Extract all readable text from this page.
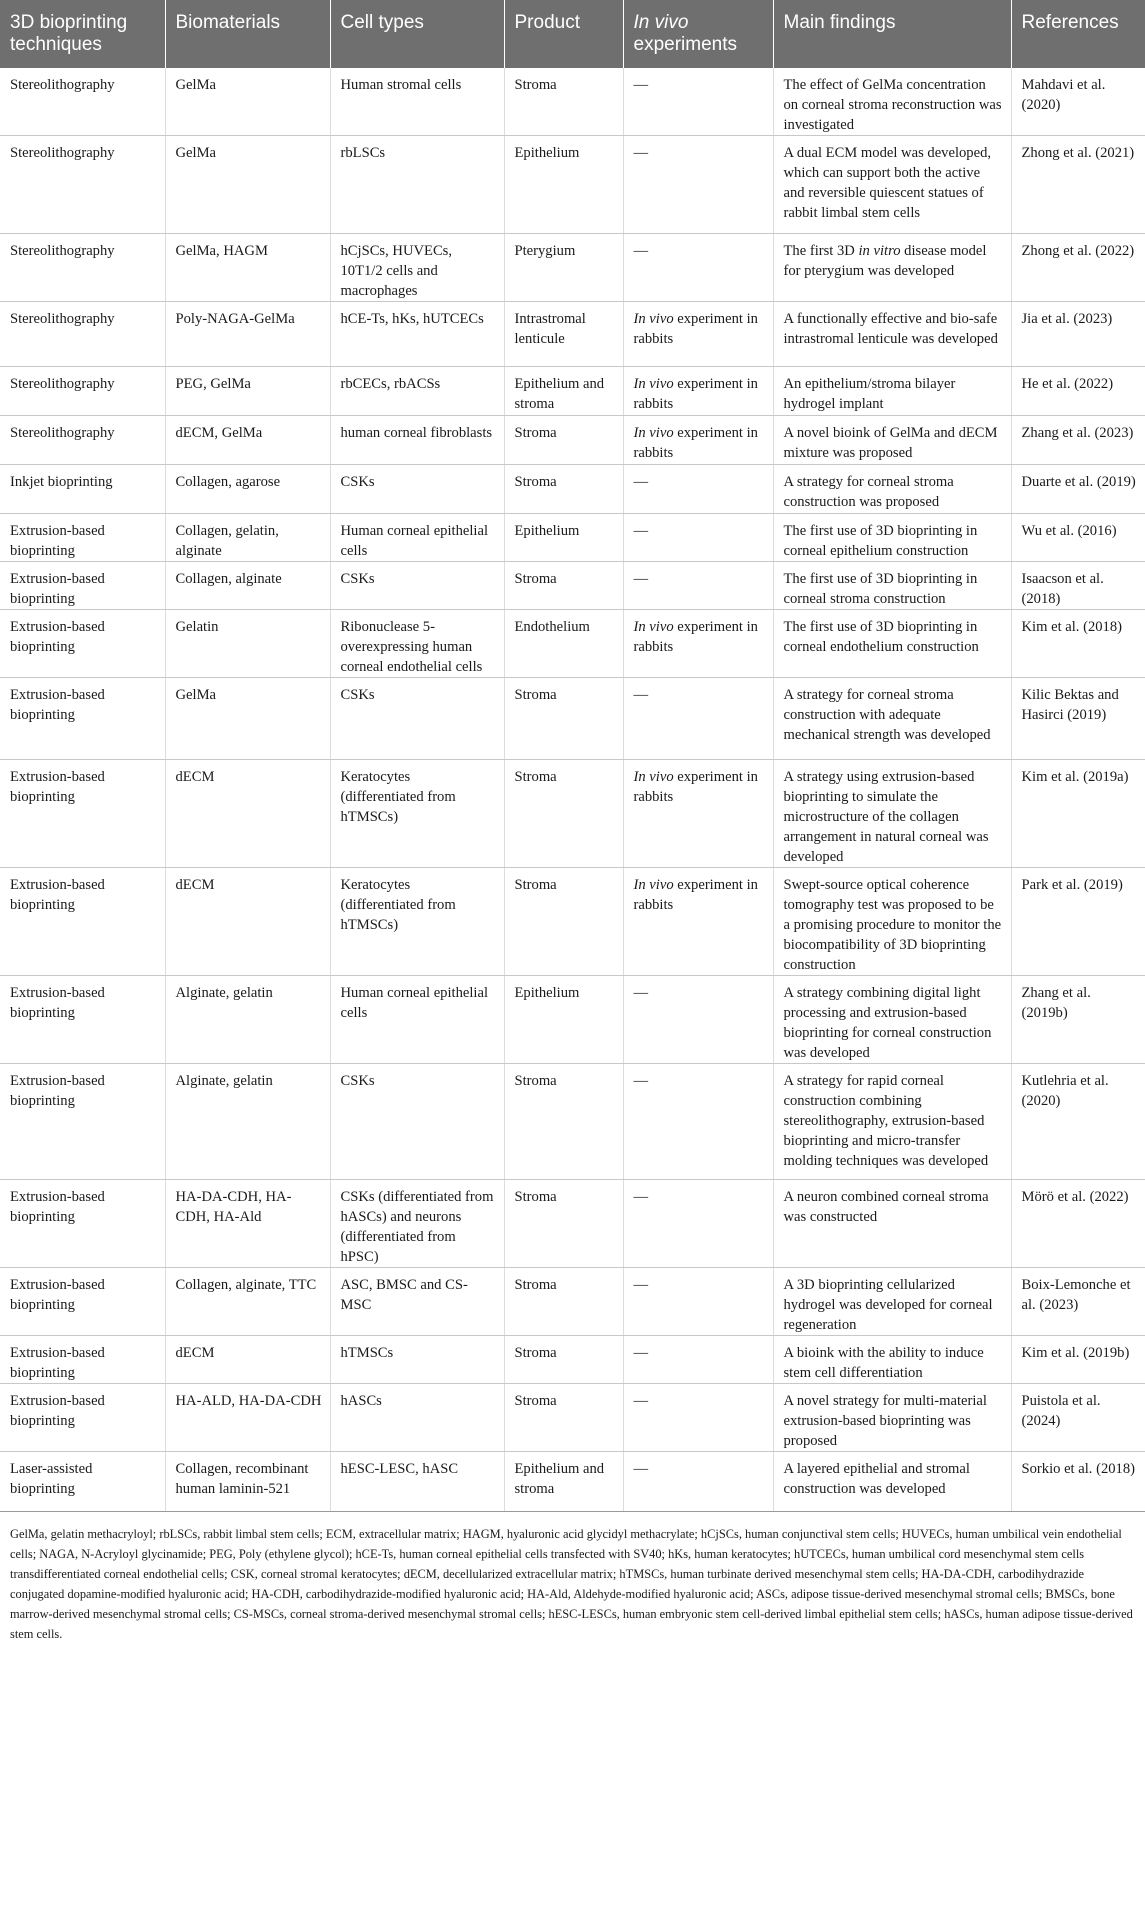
3D bioprinting techniques	Biomaterials	Cell types	Product	In vivo experiments	Main findings	References
Stereolithography	GelMa	Human stromal cells	Stroma	—	The effect of GelMa concentration on corneal stroma reconstruction was investigated	Mahdavi et al. (2020)
Stereolithography	GelMa	rbLSCs	Epithelium	—	A dual ECM model was developed, which can support both the active and reversible quiescent statues of rabbit limbal stem cells	Zhong et al. (2021)
Stereolithography	GelMa, HAGM	hCjSCs, HUVECs, 10T1/2 cells and macrophages	Pterygium	—	The first 3D in vitro disease model for pterygium was developed	Zhong et al. (2022)
Stereolithography	Poly-NAGA-GelMa	hCE-Ts, hKs, hUTCECs	Intrastromal lenticule	In vivo experiment in rabbits	A functionally effective and bio-safe intrastromal lenticule was developed	Jia et al. (2023)
Stereolithography	PEG, GelMa	rbCECs, rbACSs	Epithelium and stroma	In vivo experiment in rabbits	An epithelium/stroma bilayer hydrogel implant	He et al. (2022)
Stereolithography	dECM, GelMa	human corneal fibroblasts	Stroma	In vivo experiment in rabbits	A novel bioink of GelMa and dECM mixture was proposed	Zhang et al. (2023)
Inkjet bioprinting	Collagen, agarose	CSKs	Stroma	—	A strategy for corneal stroma construction was proposed	Duarte et al. (2019)
Extrusion-based bioprinting	Collagen, gelatin, alginate	Human corneal epithelial cells	Epithelium	—	The first use of 3D bioprinting in corneal epithelium construction	Wu et al. (2016)
Extrusion-based bioprinting	Collagen, alginate	CSKs	Stroma	—	The first use of 3D bioprinting in corneal stroma construction	Isaacson et al. (2018)
Extrusion-based bioprinting	Gelatin	Ribonuclease 5-overexpressing human corneal endothelial cells	Endothelium	In vivo experiment in rabbits	The first use of 3D bioprinting in corneal endothelium construction	Kim et al. (2018)
Extrusion-based bioprinting	GelMa	CSKs	Stroma	—	A strategy for corneal stroma construction with adequate mechanical strength was developed	Kilic Bektas and Hasirci (2019)
Extrusion-based bioprinting	dECM	Keratocytes (differentiated from hTMSCs)	Stroma	In vivo experiment in rabbits	A strategy using extrusion-based bioprinting to simulate the microstructure of the collagen arrangement in natural corneal was developed	Kim et al. (2019a)
Extrusion-based bioprinting	dECM	Keratocytes (differentiated from hTMSCs)	Stroma	In vivo experiment in rabbits	Swept-source optical coherence tomography test was proposed to be a promising procedure to monitor the biocompatibility of 3D bioprinting construction	Park et al. (2019)
Extrusion-based bioprinting	Alginate, gelatin	Human corneal epithelial cells	Epithelium	—	A strategy combining digital light processing and extrusion-based bioprinting for corneal construction was developed	Zhang et al. (2019b)
Extrusion-based bioprinting	Alginate, gelatin	CSKs	Stroma	—	A strategy for rapid corneal construction combining stereolithography, extrusion-based bioprinting and micro-transfer molding techniques was developed	Kutlehria et al. (2020)
Extrusion-based bioprinting	HA-DA-CDH, HA-CDH, HA-Ald	CSKs (differentiated from hASCs) and neurons (differentiated from hPSC)	Stroma	—	A neuron combined corneal stroma was constructed	Mörö et al. (2022)
Extrusion-based bioprinting	Collagen, alginate, TTC	ASC, BMSC and CS-MSC	Stroma	—	A 3D bioprinting cellularized hydrogel was developed for corneal regeneration	Boix-Lemonche et al. (2023)
Extrusion-based bioprinting	dECM	hTMSCs	Stroma	—	A bioink with the ability to induce stem cell differentiation	Kim et al. (2019b)
Extrusion-based bioprinting	HA-ALD, HA-DA-CDH	hASCs	Stroma	—	A novel strategy for multi-material extrusion-based bioprinting was proposed	Puistola et al. (2024)
Laser-assisted bioprinting	Collagen, recombinant human laminin-521	hESC-LESC, hASC	Epithelium and stroma	—	A layered epithelial and stromal construction was developed	Sorkio et al. (2018)
GelMa, gelatin methacryloyl; rbLSCs, rabbit limbal stem cells; ECM, extracellular matrix; HAGM, hyaluronic acid glycidyl methacrylate; hCjSCs, human conjunctival stem cells; HUVECs, human umbilical vein endothelial cells; NAGA, N-Acryloyl glycinamide; PEG, Poly (ethylene glycol); hCE-Ts, human corneal epithelial cells transfected with SV40; hKs, human keratocytes; hUTCECs, human umbilical cord mesenchymal stem cells transdifferentiated corneal endothelial cells; CSK, corneal stromal keratocytes; dECM, decellularized extracellular matrix; hTMSCs, human turbinate derived mesenchymal stem cells; HA-DA-CDH, carbodihydrazide conjugated dopamine-modified hyaluronic acid; HA-CDH, carbodihydrazide-modified hyaluronic acid; HA-Ald, Aldehyde-modified hyaluronic acid; ASCs, adipose tissue-derived mesenchymal stromal cells; BMSCs, bone marrow-derived mesenchymal stromal cells; CS-MSCs, corneal stroma-derived mesenchymal stromal cells; hESC-LESCs, human embryonic stem cell-derived limbal epithelial stem cells; hASCs, human adipose tissue-derived stem cells.
